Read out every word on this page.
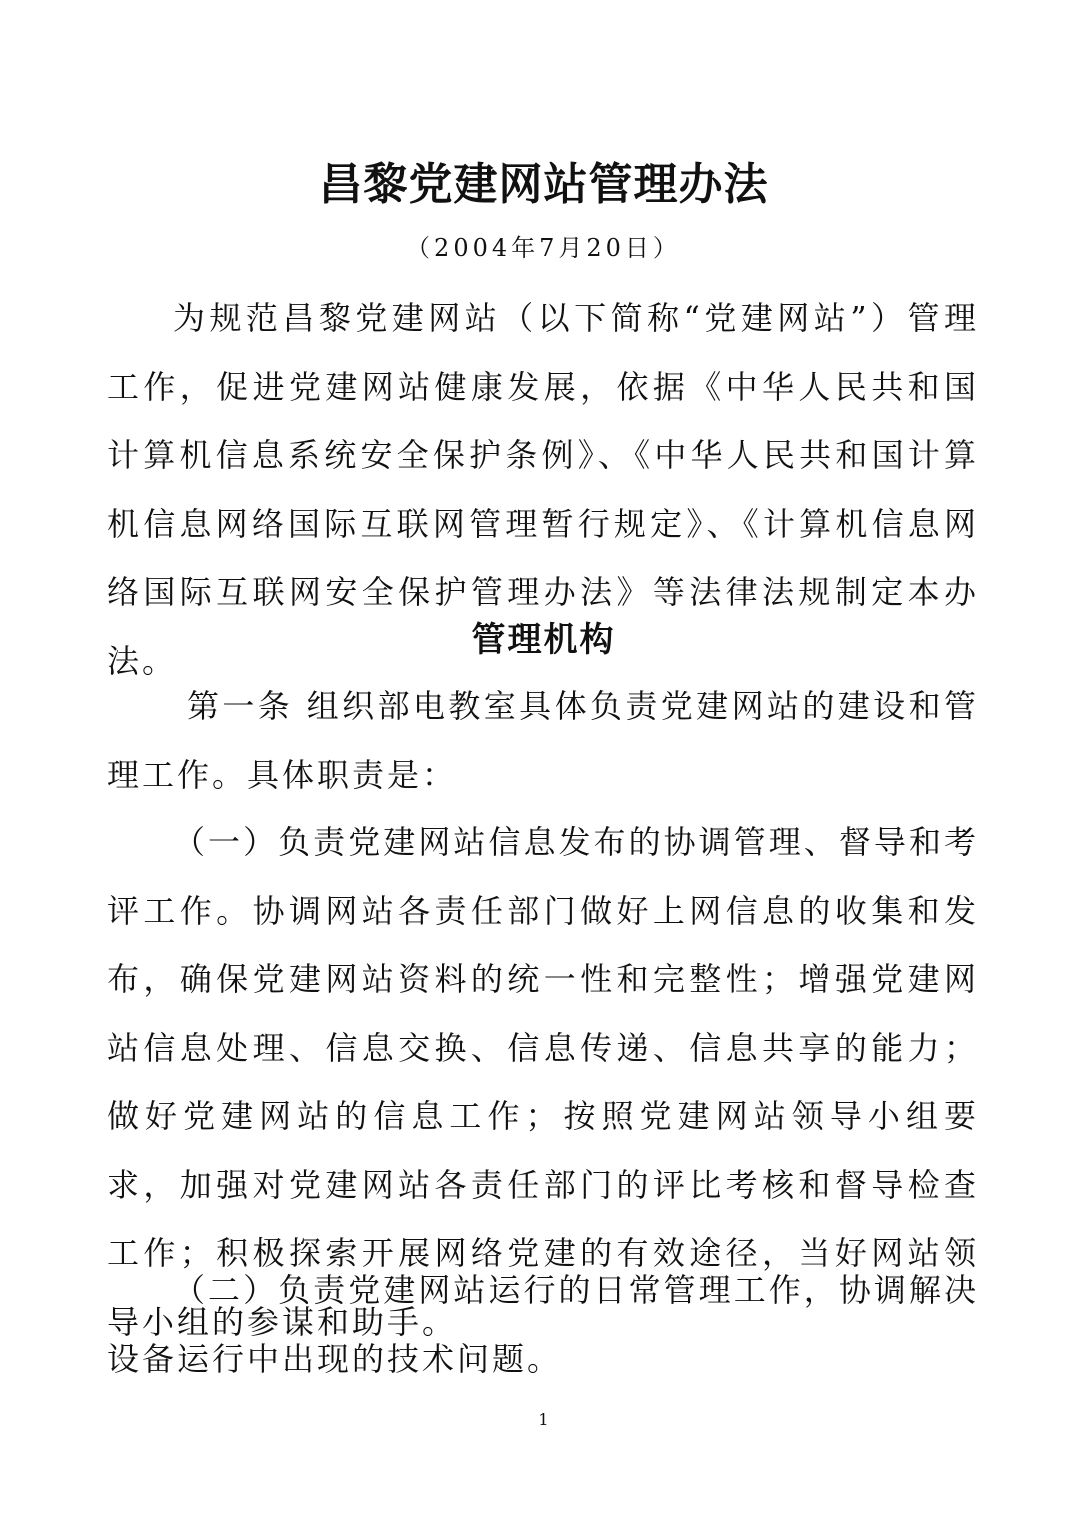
昌黎党建网站管理办法
（2004年7月20日）

为规范昌黎党建网站（以下简称“党建网站”）管理工作，促进党建网站健康发展，依据《中华人民共和国计算机信息系统安全保护条例》、《中华人民共和国计算机信息网络国际互联网管理暂行规定》、《计算机信息网络国际互联网安全保护管理办法》等法律法规制定本办法。

管理机构

第一条 组织部电教室具体负责党建网站的建设和管理工作。具体职责是：

（一）负责党建网站信息发布的协调管理、督导和考评工作。协调网站各责任部门做好上网信息的收集和发布，确保党建网站资料的统一性和完整性；增强党建网站信息处理、信息交换、信息传递、信息共享的能力；做好党建网站的信息工作；按照党建网站领导小组要求，加强对党建网站各责任部门的评比考核和督导检查工作；积极探索开展网络党建的有效途径，当好网站领导小组的参谋和助手。

（二）负责党建网站运行的日常管理工作，协调解决设备运行中出现的技术问题。

1
